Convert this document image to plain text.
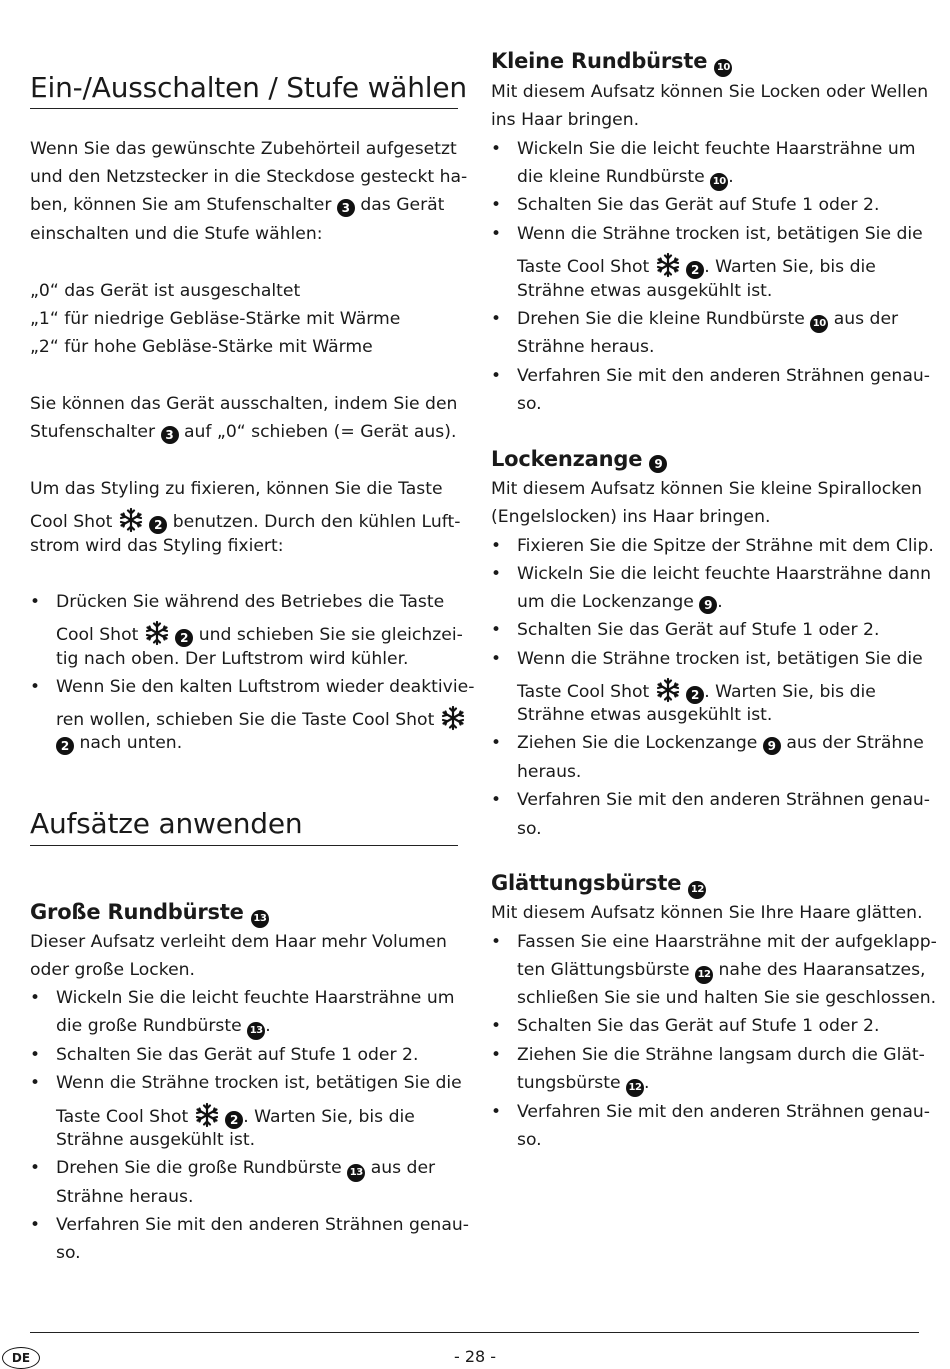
Ein-/Ausschalten / Stufe wählen
Wenn Sie das gewünschte Zubehörteil aufgesetzt
und den Netzstecker in die Steckdose gesteckt ha-
ben, können Sie am Stufenschalter 3 das Gerät
einschalten und die Stufe wählen:
„0“ das Gerät ist ausgeschaltet
„1“ für niedrige Gebläse-Stärke mit Wärme
„2“ für hohe Gebläse-Stärke mit Wärme
Sie können das Gerät ausschalten, indem Sie den
Stufenschalter 3 auf „0“ schieben (= Gerät aus).
Um das Styling zu fixieren, können Sie die Taste
Cool Shot	2 benutzen. Durch den kühlen Luft-
strom wird das Styling fixiert:
• Drücken Sie während des Betriebes die Taste
Cool Shot	2 und schieben Sie sie gleichzei-
tig nach oben. Der Luftstrom wird kühler.
• Wenn Sie den kalten Luftstrom wieder deaktivie-
ren wollen, schieben Sie die Taste Cool Shot
2 nach unten.
Aufsätze anwenden
Große Rundbürste 13
Dieser Aufsatz verleiht dem Haar mehr Volumen
oder große Locken.
• Wickeln Sie die leicht feuchte Haarsträhne um
die große Rundbürste 13 .
• Schalten Sie das Gerät auf Stufe 1 oder 2.
• Wenn die Strähne trocken ist, betätigen Sie die
Taste Cool Shot	2 . Warten Sie, bis die
Strähne ausgekühlt ist.
• Drehen Sie die große Rundbürste 13 aus der
Strähne heraus.
• Verfahren Sie mit den anderen Strähnen genau-
so.
Kleine Rundbürste 10
Mit diesem Aufsatz können Sie Locken oder Wellen
ins Haar bringen.
• Wickeln Sie die leicht feuchte Haarsträhne um
die kleine Rundbürste 10 .
• Schalten Sie das Gerät auf Stufe 1 oder 2.
• Wenn die Strähne trocken ist, betätigen Sie die
Taste Cool Shot	2 . Warten Sie, bis die
Strähne etwas ausgekühlt ist.
• Drehen Sie die kleine Rundbürste 10 aus der
Strähne heraus.
• Verfahren Sie mit den anderen Strähnen genau-
so.
Lockenzange 9
Mit diesem Aufsatz können Sie kleine Spirallocken
(Engelslocken) ins Haar bringen.
• Fixieren Sie die Spitze der Strähne mit dem Clip.
• Wickeln Sie die leicht feuchte Haarsträhne dann
um die Lockenzange 9 .
• Schalten Sie das Gerät auf Stufe 1 oder 2.
• Wenn die Strähne trocken ist, betätigen Sie die
Taste Cool Shot	2 . Warten Sie, bis die
Strähne etwas ausgekühlt ist.
• Ziehen Sie die Lockenzange 9 aus der Strähne
heraus.
• Verfahren Sie mit den anderen Strähnen genau-
so.
Glättungsbürste 12
Mit diesem Aufsatz können Sie Ihre Haare glätten.
• Fassen Sie eine Haarsträhne mit der aufgeklapp-
ten Glättungsbürste 12 nahe des Haaransatzes,
schließen Sie sie und halten Sie sie geschlossen.
• Schalten Sie das Gerät auf Stufe 1 oder 2.
• Ziehen Sie die Strähne langsam durch die Glät-
tungsbürste 12 .
• Verfahren Sie mit den anderen Strähnen genau-
so.
DE	- 28 -
